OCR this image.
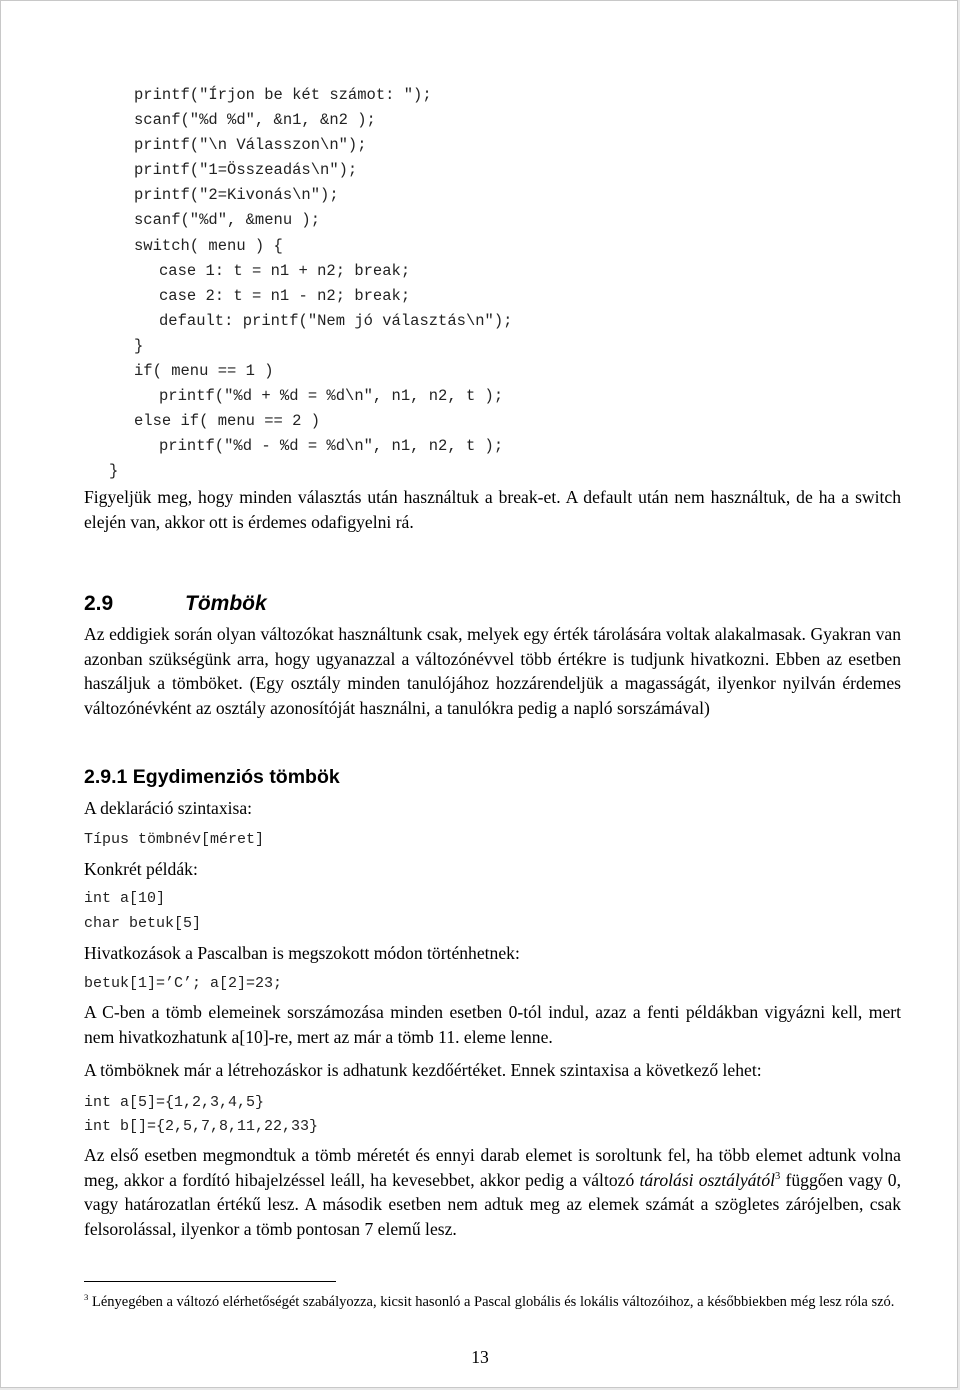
printf("Írjon be két számot: ");
scanf("%d %d", &n1, &n2 );
printf("\n Válasszon\n");
printf("1=Összeadás\n");
printf("2=Kivonás\n");
scanf("%d", &menu );
switch( menu ) {
case 1: t = n1 + n2; break;
case 2: t = n1 - n2; break;
default: printf("Nem jó választás\n");
}
if( menu == 1 )
printf("%d + %d = %d\n", n1, n2, t );
else if( menu == 2 )
printf("%d - %d = %d\n", n1, n2, t );
}

Figyeljük meg, hogy minden választás után használtuk a break-et. A default után nem használtuk, de ha a switch elején van, akkor ott is érdemes odafigyelni rá.

2.9	Tömbök

Az eddigiek során olyan változókat használtunk csak, melyek egy érték tárolására voltak alakalmasak. Gyakran van azonban szükségünk arra, hogy ugyanazzal a változónévvel több értékre is tudjunk hivatkozni. Ebben az esetben haszáljuk a tömböket. (Egy osztály minden tanulójához hozzárendeljük a magasságát, ilyenkor nyilván érdemes változónévként az osztály azonosítóját használni, a tanulókra pedig a napló sorszámával)

2.9.1 Egydimenziós tömbök
A deklaráció szintaxisa:
Típus tömbnév[méret]
Konkrét példák:
int a[10]
char betuk[5]
Hivatkozások a Pascalban is megszokott módon történhetnek:
betuk[1]=’C’; a[2]=23;

A C-ben a tömb elemeinek sorszámozása minden esetben 0-tól indul, azaz a fenti példákban vigyázni kell, mert nem hivatkozhatunk a[10]-re, mert az már a tömb 11. eleme lenne.

A tömböknek már a létrehozáskor is adhatunk kezdőértéket. Ennek szintaxisa a következő lehet:

int a[5]={1,2,3,4,5}
int b[]={2,5,7,8,11,22,33}

Az első esetben megmondtuk a tömb méretét és ennyi darab elemet is soroltunk fel, ha több elemet adtunk volna meg, akkor a fordító hibajelzéssel leáll, ha kevesebbet, akkor pedig a változó tárolási osztályától$^3$ függően vagy 0, vagy határozatlan értékű lesz. A második esetben nem adtuk meg az elemek számát a szögletes zárójelben, csak felsorolással, ilyenkor a tömb pontosan 7 elemű lesz.

$^3$ Lényegében a változó elérhetőségét szabályozza, kicsit hasonló a Pascal globális és lokális változóihoz, a későbbiekben még lesz róla szó.
13
